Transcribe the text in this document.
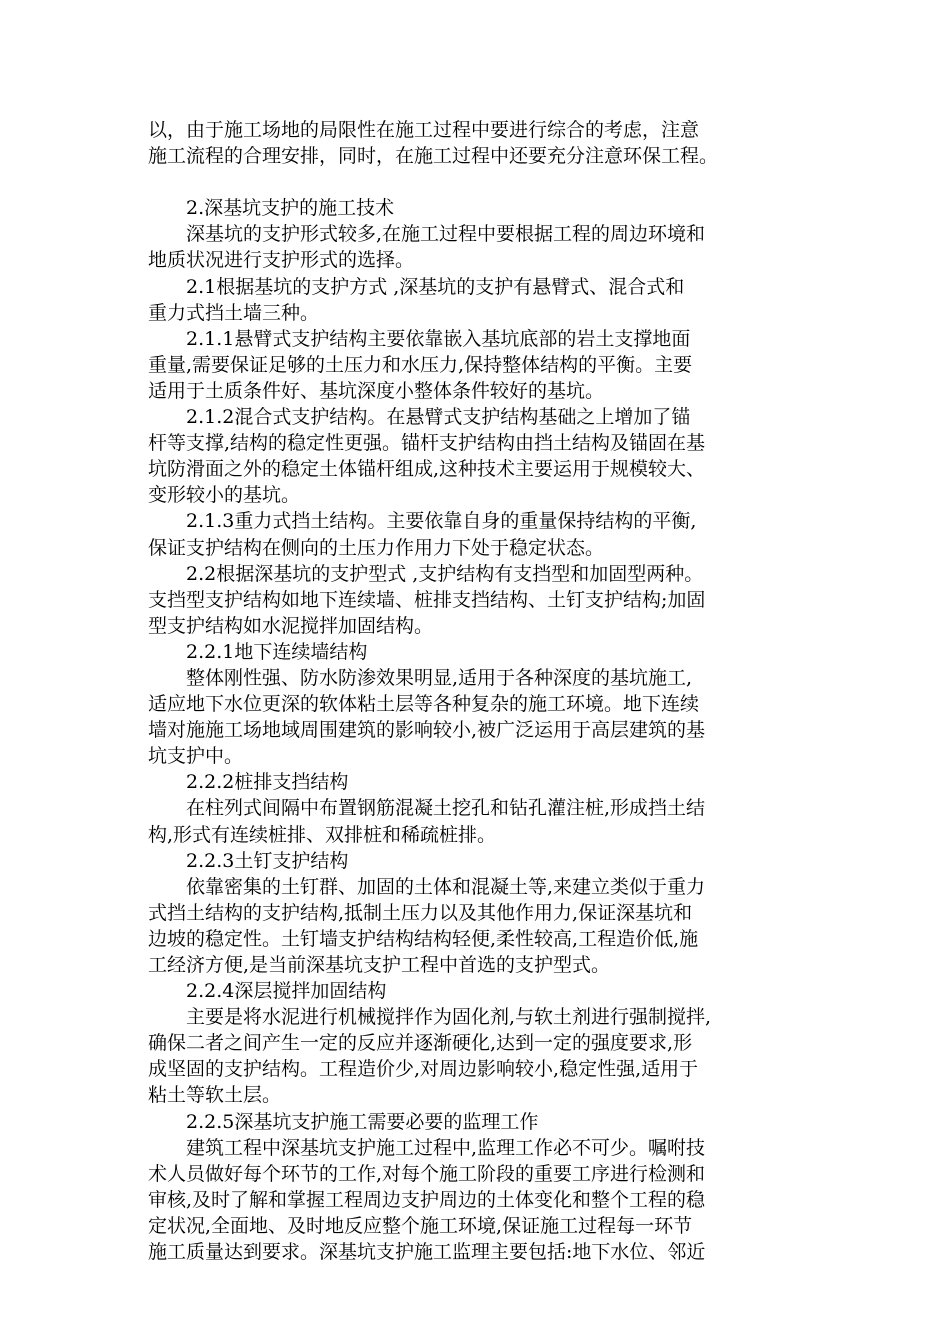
以，由于施工场地的局限性在施工过程中要进行综合的考虑，注意
施工流程的合理安排，同时，在施工过程中还要充分注意环保工程。
　　2.深基坑支护的施工技术
　　深基坑的支护形式较多,在施工过程中要根据工程的周边环境和
地质状况进行支护形式的选择。
　　2.1根据基坑的支护方式 ,深基坑的支护有悬臂式、混合式和
重力式挡土墙三种。
　　2.1.1悬臂式支护结构主要依靠嵌入基坑底部的岩土支撑地面
重量,需要保证足够的土压力和水压力,保持整体结构的平衡。主要
适用于土质条件好、基坑深度小整体条件较好的基坑。
　　2.1.2混合式支护结构。在悬臂式支护结构基础之上增加了锚
杆等支撑,结构的稳定性更强。锚杆支护结构由挡土结构及锚固在基
坑防滑面之外的稳定土体锚杆组成,这种技术主要运用于规模较大、
变形较小的基坑。
　　2.1.3重力式挡土结构。主要依靠自身的重量保持结构的平衡,
保证支护结构在侧向的土压力作用力下处于稳定状态。
　　2.2根据深基坑的支护型式 ,支护结构有支挡型和加固型两种。
支挡型支护结构如地下连续墙、桩排支挡结构、土钉支护结构;加固
型支护结构如水泥搅拌加固结构。
　　2.2.1地下连续墙结构
　　整体刚性强、防水防渗效果明显,适用于各种深度的基坑施工,
适应地下水位更深的软体粘土层等各种复杂的施工环境。地下连续
墙对施施工场地域周围建筑的影响较小,被广泛运用于高层建筑的基
坑支护中。
　　2.2.2桩排支挡结构
　　在柱列式间隔中布置钢筋混凝土挖孔和钻孔灌注桩,形成挡土结
构,形式有连续桩排、双排桩和稀疏桩排。
　　2.2.3土钉支护结构
　　依靠密集的土钉群、加固的土体和混凝土等,来建立类似于重力
式挡土结构的支护结构,抵制土压力以及其他作用力,保证深基坑和
边坡的稳定性。土钉墙支护结构结构轻便,柔性较高,工程造价低,施
工经济方便,是当前深基坑支护工程中首选的支护型式。
　　2.2.4深层搅拌加固结构
　　主要是将水泥进行机械搅拌作为固化剂,与软土剂进行强制搅拌,
确保二者之间产生一定的反应并逐渐硬化,达到一定的强度要求,形
成坚固的支护结构。工程造价少,对周边影响较小,稳定性强,适用于
粘土等软土层。
　　2.2.5深基坑支护施工需要必要的监理工作
　　建筑工程中深基坑支护施工过程中,监理工作必不可少。嘱咐技
术人员做好每个环节的工作,对每个施工阶段的重要工序进行检测和
审核,及时了解和掌握工程周边支护周边的土体变化和整个工程的稳
定状况,全面地、及时地反应整个施工环境,保证施工过程每一环节
施工质量达到要求。深基坑支护施工监理主要包括:地下水位、邻近
